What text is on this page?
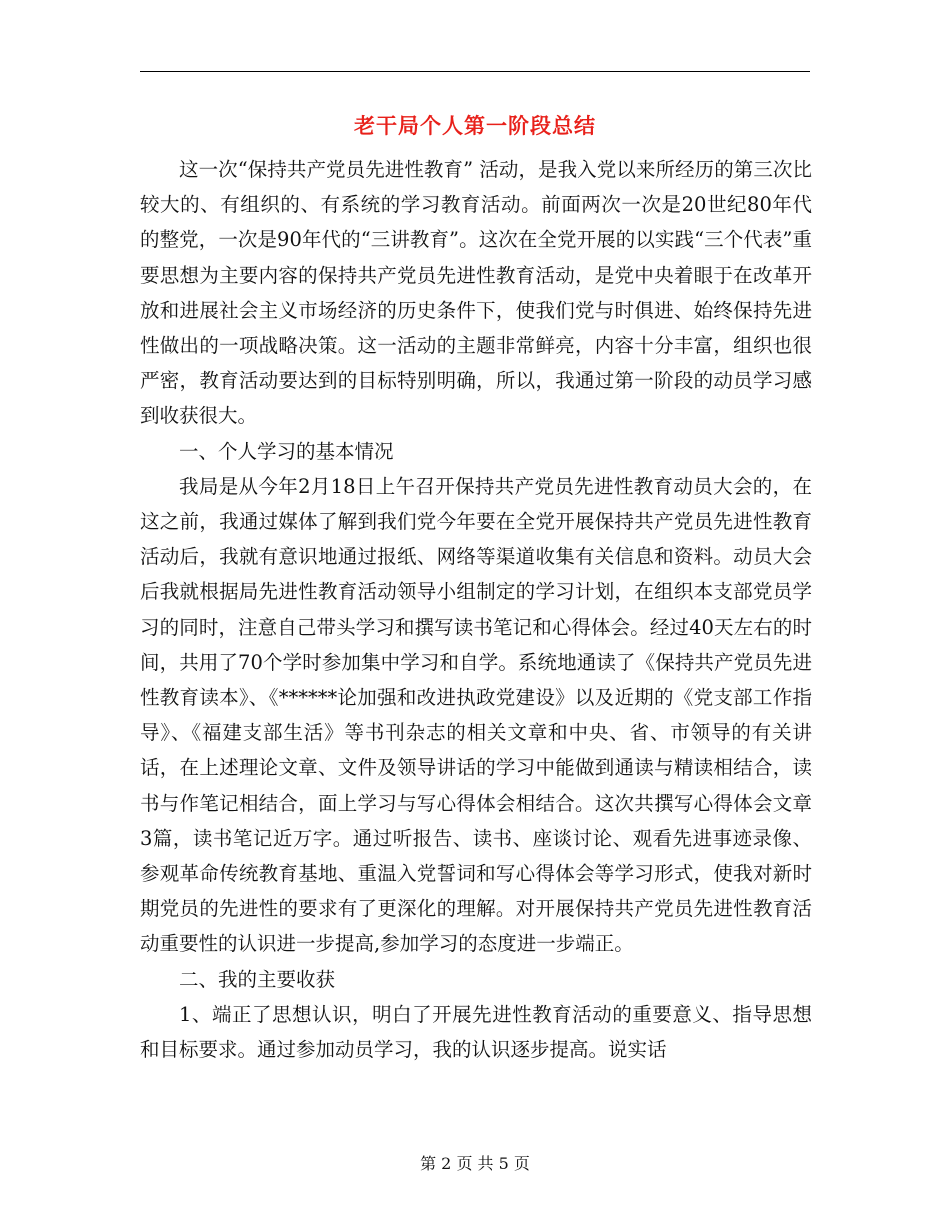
老干局个人第一阶段总结

这一次“保持共产党员先进性教育” 活动，是我入党以来所经历的第三次比较大的、有组织的、有系统的学习教育活动。前面两次一次是20世纪80年代的整党，一次是90年代的“三讲教育”。这次在全党开展的以实践“三个代表”重要思想为主要内容的保持共产党员先进性教育活动，是党中央着眼于在改革开放和进展社会主义市场经济的历史条件下，使我们党与时俱进、始终保持先进性做出的一项战略决策。这一活动的主题非常鲜亮，内容十分丰富，组织也很严密，教育活动要达到的目标特别明确，所以，我通过第一阶段的动员学习感到收获很大。

一、个人学习的基本情况

我局是从今年2月18日上午召开保持共产党员先进性教育动员大会的，在这之前，我通过媒体了解到我们党今年要在全党开展保持共产党员先进性教育活动后，我就有意识地通过报纸、网络等渠道收集有关信息和资料。动员大会后我就根据局先进性教育活动领导小组制定的学习计划，在组织本支部党员学习的同时，注意自己带头学习和撰写读书笔记和心得体会。经过40天左右的时间，共用了70个学时参加集中学习和自学。系统地通读了《保持共产党员先进性教育读本》、《******论加强和改进执政党建设》以及近期的《党支部工作指导》、《福建支部生活》等书刊杂志的相关文章和中央、省、市领导的有关讲话，在上述理论文章、文件及领导讲话的学习中能做到通读与精读相结合，读书与作笔记相结合，面上学习与写心得体会相结合。这次共撰写心得体会文章3篇，读书笔记近万字。通过听报告、读书、座谈讨论、观看先进事迹录像、参观革命传统教育基地、重温入党誓词和写心得体会等学习形式，使我对新时期党员的先进性的要求有了更深化的理解。对开展保持共产党员先进性教育活动重要性的认识进一步提高,参加学习的态度进一步端正。

二、我的主要收获

1、端正了思想认识，明白了开展先进性教育活动的重要意义、指导思想和目标要求。通过参加动员学习，我的认识逐步提高。说实话

第 2 页 共 5 页
